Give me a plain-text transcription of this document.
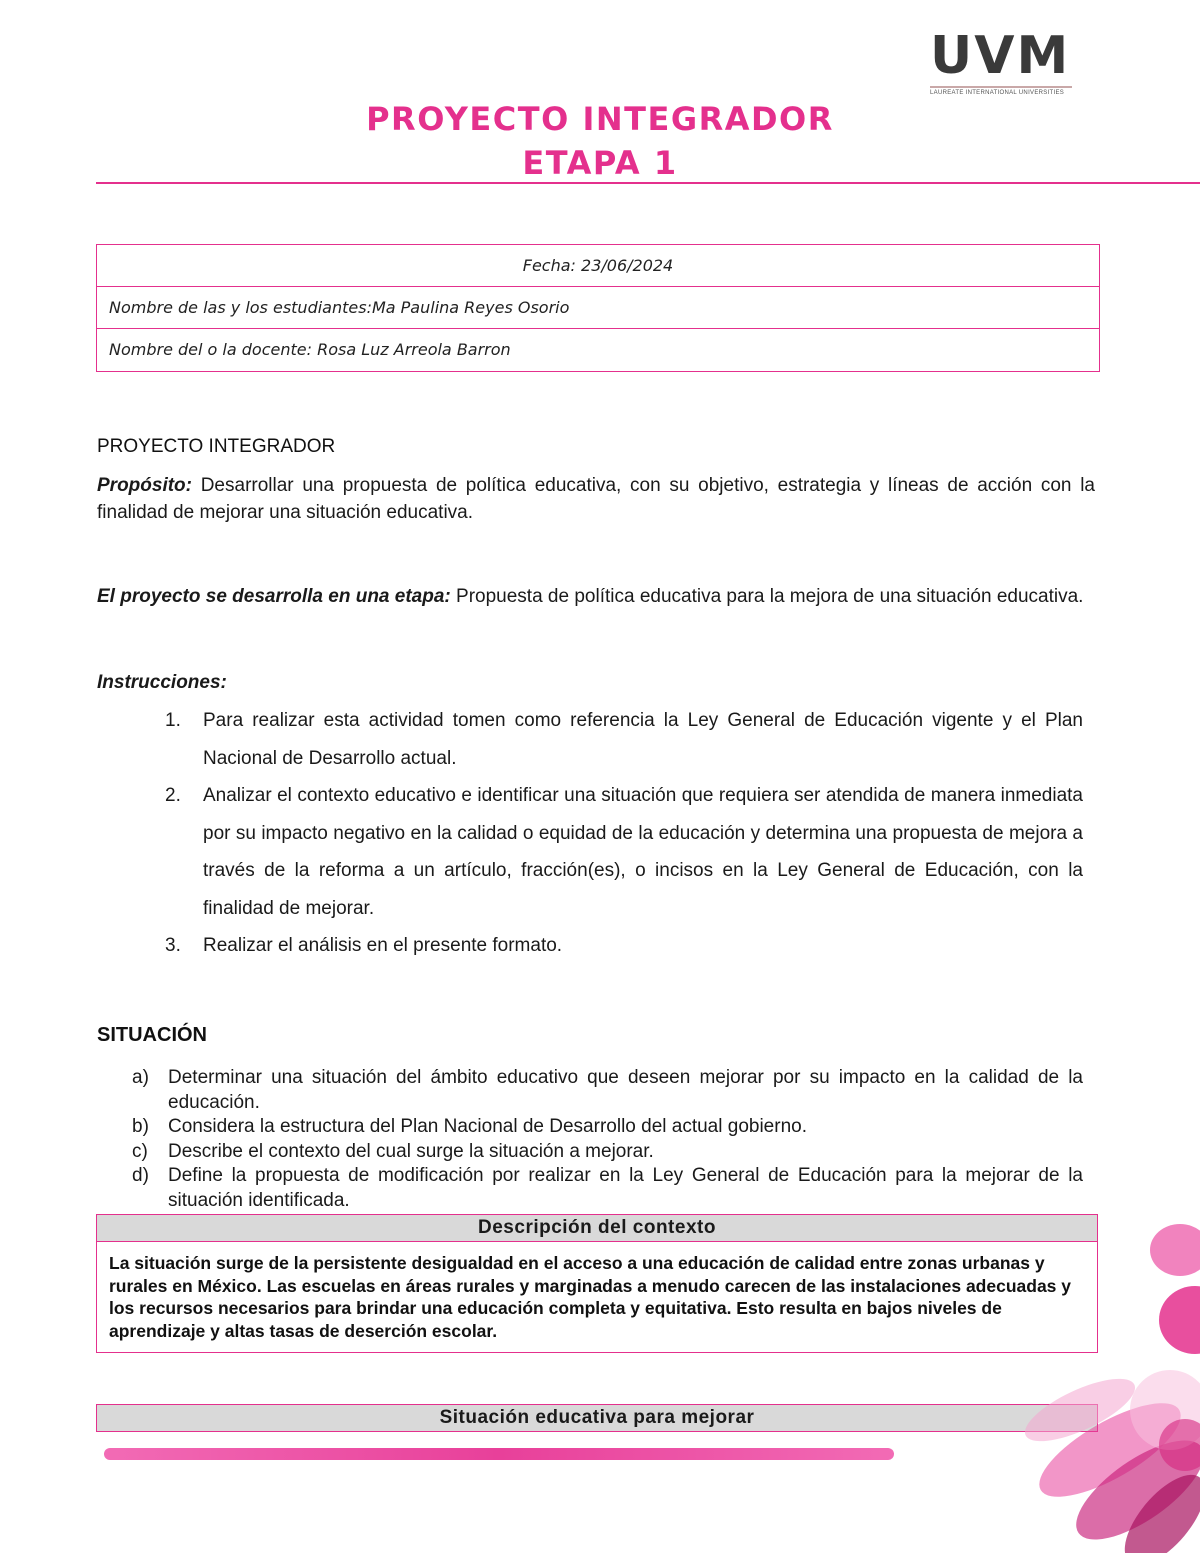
UVM
LAUREATE INTERNATIONAL UNIVERSITIES
PROYECTO INTEGRADOR
ETAPA 1
Fecha: 23/06/2024
Nombre de las y los estudiantes:Ma Paulina Reyes Osorio
Nombre del o la docente: Rosa Luz Arreola Barron
PROYECTO INTEGRADOR
Propósito: Desarrollar una propuesta de política educativa, con su objetivo, estrategia y líneas de acción con la finalidad de mejorar una situación educativa.
El proyecto se desarrolla en una etapa: Propuesta de política educativa para la mejora de una situación educativa.
Instrucciones:
1. Para realizar esta actividad tomen como referencia la Ley General de Educación vigente y el Plan Nacional de Desarrollo actual.
2. Analizar el contexto educativo e identificar una situación que requiera ser atendida de manera inmediata por su impacto negativo en la calidad o equidad de la educación y determina una propuesta de mejora a través de la reforma a un artículo, fracción(es), o incisos en la Ley General de Educación, con la finalidad de mejorar.
3. Realizar el análisis en el presente formato.
SITUACIÓN
a) Determinar una situación del ámbito educativo que deseen mejorar por su impacto en la calidad de la educación.
b) Considera la estructura del Plan Nacional de Desarrollo del actual gobierno.
c) Describe el contexto del cual surge la situación a mejorar.
d) Define la propuesta de modificación por realizar en la Ley General de Educación para la mejorar de la situación identificada.
Descripción del contexto
La situación surge de la persistente desigualdad en el acceso a una educación de calidad entre zonas urbanas y rurales en México. Las escuelas en áreas rurales y marginadas a menudo carecen de las instalaciones adecuadas y los recursos necesarios para brindar una educación completa y equitativa. Esto resulta en bajos niveles de aprendizaje y altas tasas de deserción escolar.
Situación educativa para mejorar
